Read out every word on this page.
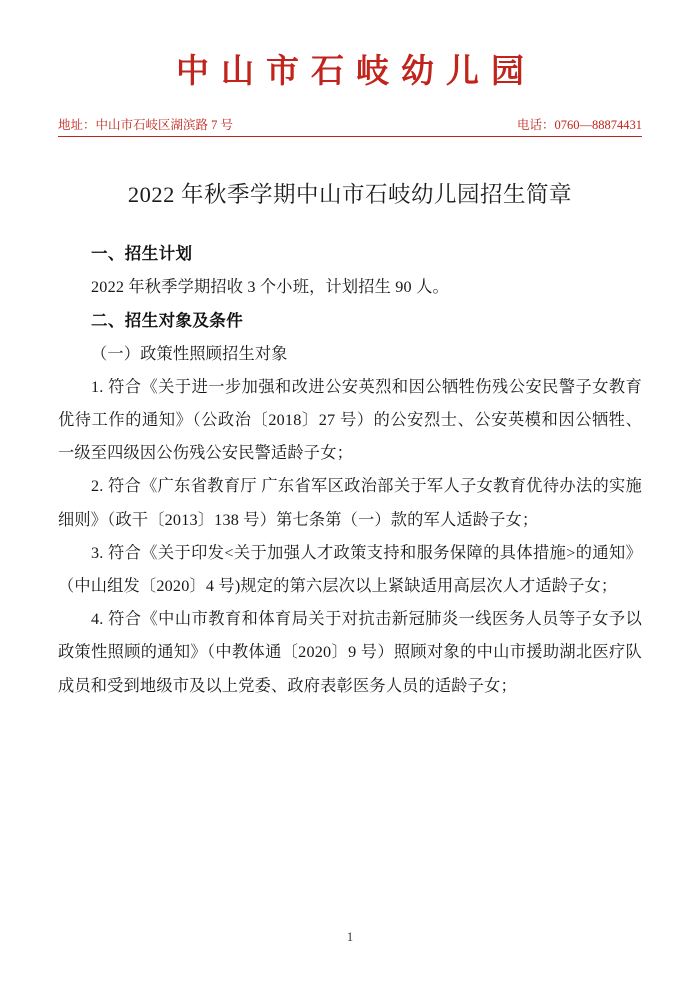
中山市石岐幼儿园
地址：中山市石岐区湖滨路 7 号	电话：0760—88874431
2022 年秋季学期中山市石岐幼儿园招生简章
一、招生计划

2022 年秋季学期招收 3 个小班，计划招生 90 人。

二、招生对象及条件

（一）政策性照顾招生对象

1. 符合《关于进一步加强和改进公安英烈和因公牺牲伤残公安民警子女教育优待工作的通知》（公政治〔2018〕27 号）的公安烈士、公安英模和因公牺牲、一级至四级因公伤残公安民警适龄子女；

2. 符合《广东省教育厅 广东省军区政治部关于军人子女教育优待办法的实施细则》（政干〔2013〕138 号）第七条第（一）款的军人适龄子女；

3. 符合《关于印发<关于加强人才政策支持和服务保障的具体措施>的通知》（中山组发〔2020〕4 号)规定的第六层次以上紧缺适用高层次人才适龄子女；

4. 符合《中山市教育和体育局关于对抗击新冠肺炎一线医务人员等子女予以政策性照顾的通知》（中教体通〔2020〕9 号）照顾对象的中山市援助湖北医疗队成员和受到地级市及以上党委、政府表彰医务人员的适龄子女；

1
